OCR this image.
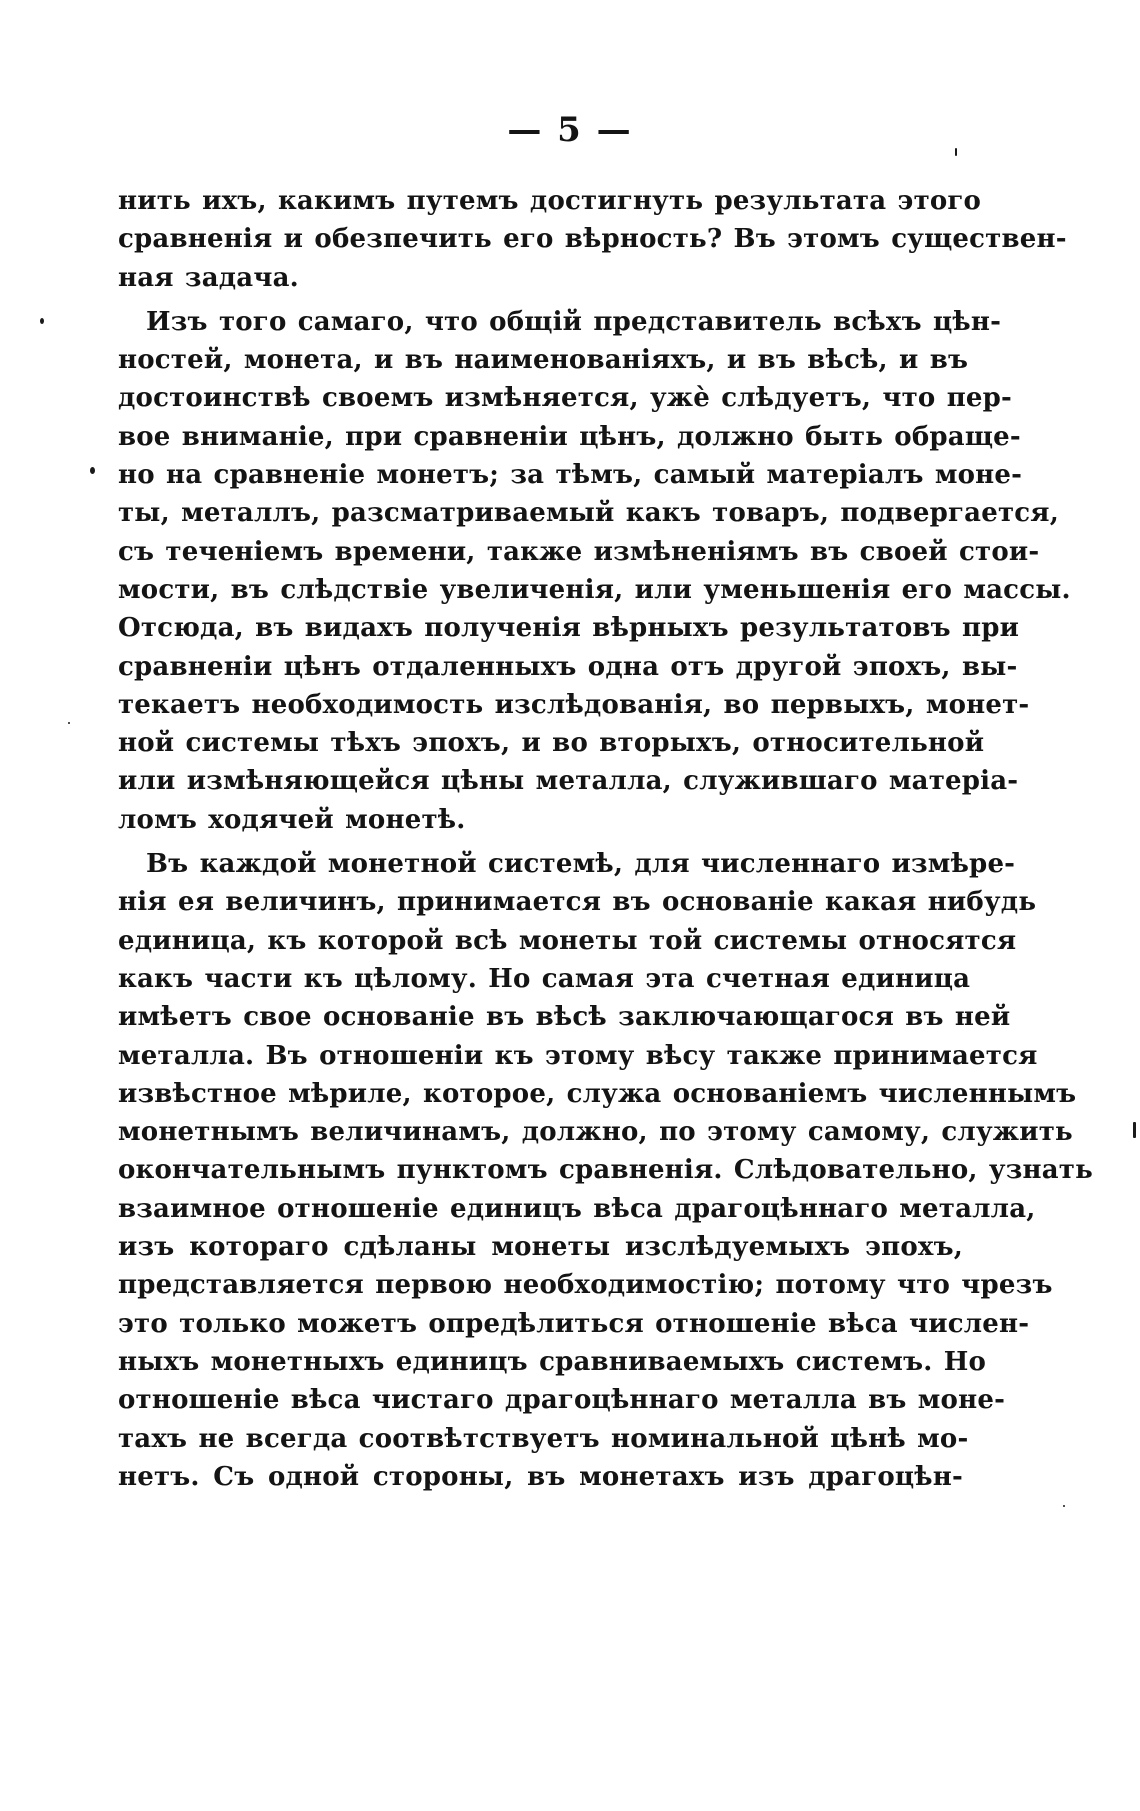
— 5 —
нить ихъ, какимъ путемъ достигнуть результата этого
сравненія и обезпечить его вѣрность? Въ этомъ существен-
ная задача.
Изъ того самаго, что общій представитель всѣхъ цѣн-
ностей, монета, и въ наименованіяхъ, и въ вѣсѣ, и въ
достоинствѣ своемъ измѣняется, ужè слѣдуетъ, что пер-
вое вниманіе, при сравненіи цѣнъ, должно быть обраще-
но на сравненіе монетъ; за тѣмъ, самый матеріалъ моне-
ты, металлъ, разсматриваемый какъ товаръ, подвергается,
съ теченіемъ времени, также измѣненіямъ въ своей стои-
мости, въ слѣдствіе увеличенія, или уменьшенія его массы.
Отсюда, въ видахъ полученія вѣрныхъ результатовъ при
сравненіи цѣнъ отдаленныхъ одна отъ другой эпохъ, вы-
текаетъ необходимость изслѣдованія, во первыхъ, монет-
ной системы тѣхъ эпохъ, и во вторыхъ, относительной
или измѣняющейся цѣны металла, служившаго матеріа-
ломъ ходячей монетѣ.
Въ каждой монетной системѣ, для численнаго измѣре-
нія ея величинъ, принимается въ основаніе какая нибудь
единица, къ которой всѣ монеты той системы относятся
какъ части къ цѣлому. Но самая эта счетная единица
имѣетъ свое основаніе въ вѣсѣ заключающагося въ ней
металла. Въ отношеніи къ этому вѣсу также принимается
извѣстное мѣриле, которое, служа основаніемъ численнымъ
монетнымъ величинамъ, должно, по этому самому, служить
окончательнымъ пунктомъ сравненія. Слѣдовательно, узнать
взаимное отношеніе единицъ вѣса драгоцѣннаго металла,
изъ котораго сдѣланы монеты изслѣдуемыхъ эпохъ,
представляется первою необходимостію; потому что чрезъ
это только можетъ опредѣлиться отношеніе вѣса числен-
ныхъ монетныхъ единицъ сравниваемыхъ системъ. Но
отношеніе вѣса чистаго драгоцѣннаго металла въ моне-
тахъ не всегда соотвѣтствуетъ номинальной цѣнѣ мо-
нетъ. Съ одной стороны, въ монетахъ изъ драгоцѣн-
